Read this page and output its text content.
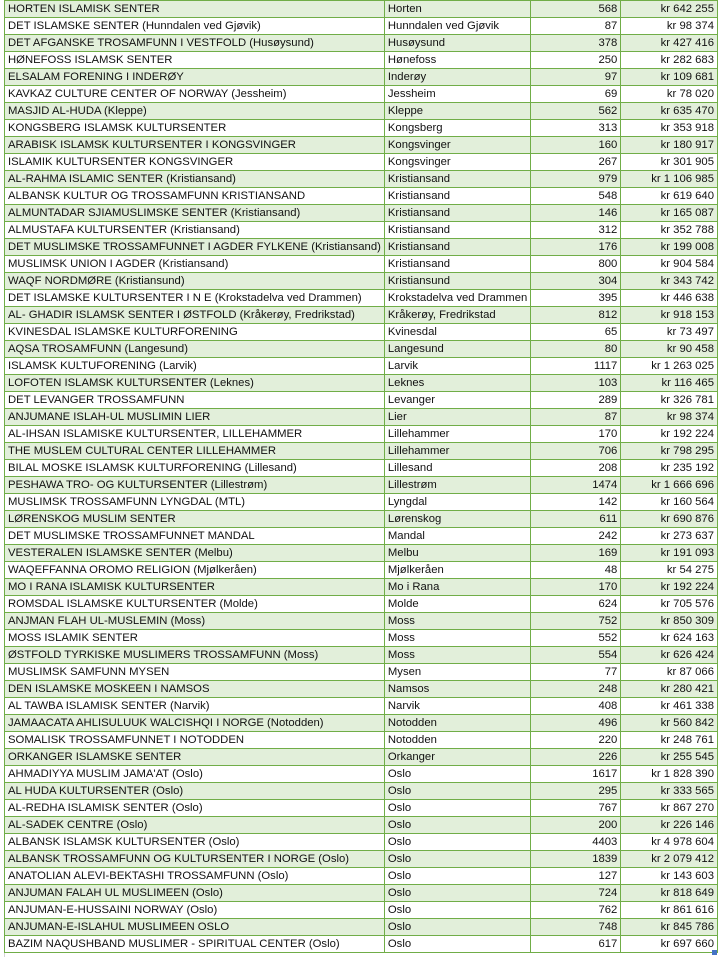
HORTEN ISLAMISK SENTER	Horten	568	kr 642 255
DET ISLAMSKE SENTER (Hunndalen ved Gjøvik)	Hunndalen ved Gjøvik	87	kr 98 374
DET AFGANSKE TROSAMFUNN I VESTFOLD (Husøysund)	Husøysund	378	kr 427 416
HØNEFOSS ISLAMSK SENTER	Hønefoss	250	kr 282 683
ELSALAM FORENING I INDERØY	Inderøy	97	kr 109 681
KAVKAZ CULTURE CENTER OF NORWAY (Jessheim)	Jessheim	69	kr 78 020
MASJID AL-HUDA (Kleppe)	Kleppe	562	kr 635 470
KONGSBERG ISLAMSK KULTURSENTER	Kongsberg	313	kr 353 918
ARABISK ISLAMSK KULTURSENTER I KONGSVINGER	Kongsvinger	160	kr 180 917
ISLAMIK KULTURSENTER KONGSVINGER	Kongsvinger	267	kr 301 905
AL-RAHMA ISLAMIC SENTER (Kristiansand)	Kristiansand	979	kr 1 106 985
ALBANSK KULTUR OG TROSSAMFUNN KRISTIANSAND	Kristiansand	548	kr 619 640
ALMUNTADAR SJIAMUSLIMSKE SENTER (Kristiansand)	Kristiansand	146	kr 165 087
ALMUSTAFA KULTURSENTER (Kristiansand)	Kristiansand	312	kr 352 788
DET MUSLIMSKE TROSSAMFUNNET I AGDER FYLKENE (Kristiansand)	Kristiansand	176	kr 199 008
MUSLIMSK UNION I AGDER (Kristiansand)	Kristiansand	800	kr 904 584
WAQF NORDMØRE (Kristiansund)	Kristiansund	304	kr 343 742
DET ISLAMSKE KULTURSENTER I N E (Krokstadelva ved Drammen)	Krokstadelva ved Drammen	395	kr 446 638
AL- GHADIR ISLAMSK SENTER I ØSTFOLD (Kråkerøy, Fredrikstad)	Kråkerøy, Fredrikstad	812	kr 918 153
KVINESDAL ISLAMSKE KULTURFORENING	Kvinesdal	65	kr 73 497
AQSA TROSAMFUNN (Langesund)	Langesund	80	kr 90 458
ISLAMSK KULTUFORENING (Larvik)	Larvik	1117	kr 1 263 025
LOFOTEN ISLAMSK KULTURSENTER (Leknes)	Leknes	103	kr 116 465
DET LEVANGER TROSSAMFUNN	Levanger	289	kr 326 781
ANJUMANE ISLAH-UL MUSLIMIN LIER	Lier	87	kr 98 374
AL-IHSAN ISLAMISKE KULTURSENTER, LILLEHAMMER	Lillehammer	170	kr 192 224
THE MUSLEM CULTURAL CENTER LILLEHAMMER	Lillehammer	706	kr 798 295
BILAL MOSKE ISLAMSK KULTURFORENING (Lillesand)	Lillesand	208	kr 235 192
PESHAWA TRO- OG KULTURSENTER (Lillestrøm)	Lillestrøm	1474	kr 1 666 696
MUSLIMSK TROSSAMFUNN LYNGDAL (MTL)	Lyngdal	142	kr 160 564
LØRENSKOG MUSLIM SENTER	Lørenskog	611	kr 690 876
DET MUSLIMSKE TROSSAMFUNNET MANDAL	Mandal	242	kr 273 637
VESTERALEN ISLAMSKE SENTER (Melbu)	Melbu	169	kr 191 093
WAQEFFANNA OROMO RELIGION (Mjølkeråen)	Mjølkeråen	48	kr 54 275
MO I RANA ISLAMISK KULTURSENTER	Mo i Rana	170	kr 192 224
ROMSDAL ISLAMSKE KULTURSENTER (Molde)	Molde	624	kr 705 576
ANJMAN FLAH UL-MUSLEMIN (Moss)	Moss	752	kr 850 309
MOSS ISLAMIK SENTER	Moss	552	kr 624 163
ØSTFOLD TYRKISKE MUSLIMERS TROSSAMFUNN (Moss)	Moss	554	kr 626 424
MUSLIMSK SAMFUNN MYSEN	Mysen	77	kr 87 066
DEN ISLAMSKE MOSKEEN I NAMSOS	Namsos	248	kr 280 421
AL TAWBA ISLAMISK SENTER (Narvik)	Narvik	408	kr 461 338
JAMAACATA AHLISULUUK WALCISHQI I NORGE (Notodden)	Notodden	496	kr 560 842
SOMALISK TROSSAMFUNNET I NOTODDEN	Notodden	220	kr 248 761
ORKANGER ISLAMSKE SENTER	Orkanger	226	kr 255 545
AHMADIYYA MUSLIM JAMA'AT (Oslo)	Oslo	1617	kr 1 828 390
AL HUDA KULTURSENTER (Oslo)	Oslo	295	kr 333 565
AL-REDHA ISLAMISK SENTER (Oslo)	Oslo	767	kr 867 270
AL-SADEK CENTRE (Oslo)	Oslo	200	kr 226 146
ALBANSK ISLAMSK KULTURSENTER (Oslo)	Oslo	4403	kr 4 978 604
ALBANSK TROSSAMFUNN OG KULTURSENTER I NORGE (Oslo)	Oslo	1839	kr 2 079 412
ANATOLIAN ALEVI-BEKTASHI TROSSAMFUNN (Oslo)	Oslo	127	kr 143 603
ANJUMAN FALAH UL MUSLIMEEN (Oslo)	Oslo	724	kr 818 649
ANJUMAN-E-HUSSAINI NORWAY (Oslo)	Oslo	762	kr 861 616
ANJUMAN-E-ISLAHUL MUSLIMEEN OSLO	Oslo	748	kr 845 786
BAZIM NAQUSHBAND MUSLIMER - SPIRITUAL CENTER (Oslo)	Oslo	617	kr 697 660
